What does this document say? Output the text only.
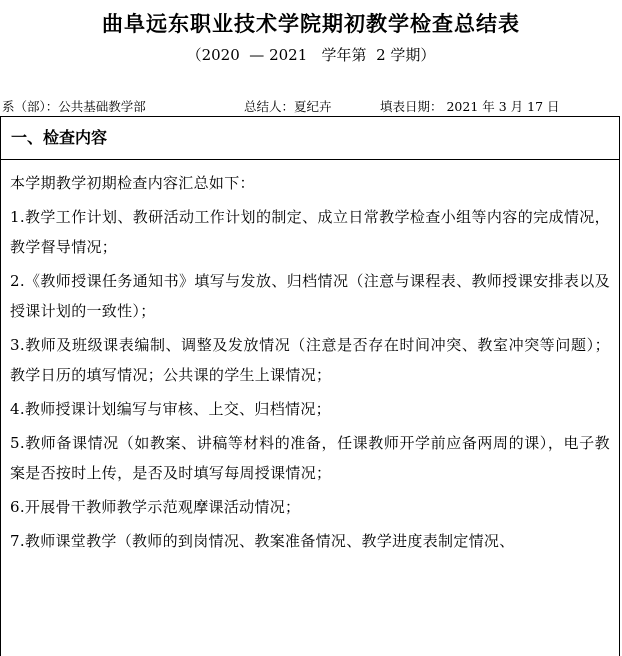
曲阜远东职业技术学院期初教学检查总结表
（2020  — 2021   学年第  2 学期）
系（部）：公共基础教学部	总结人：夏纪卉	填表日期： 2021 年 3 月 17 日
一、检查内容

本学期教学初期检查内容汇总如下：

1.教学工作计划、教研活动工作计划的制定、成立日常教学检查小组等内容的完成情况，教学督导情况；

2.《教师授课任务通知书》填写与发放、归档情况（注意与课程表、教师授课安排表以及授课计划的一致性）；

3.教师及班级课表编制、调整及发放情况（注意是否存在时间冲突、教室冲突等问题）；教学日历的填写情况；公共课的学生上课情况；

4.教师授课计划编写与审核、上交、归档情况；

5.教师备课情况（如教案、讲稿等材料的准备，任课教师开学前应备两周的课），电子教案是否按时上传，是否及时填写每周授课情况；

6.开展骨干教师教学示范观摩课活动情况；

7.教师课堂教学（教师的到岗情况、教案准备情况、教学进度表制定情况、
